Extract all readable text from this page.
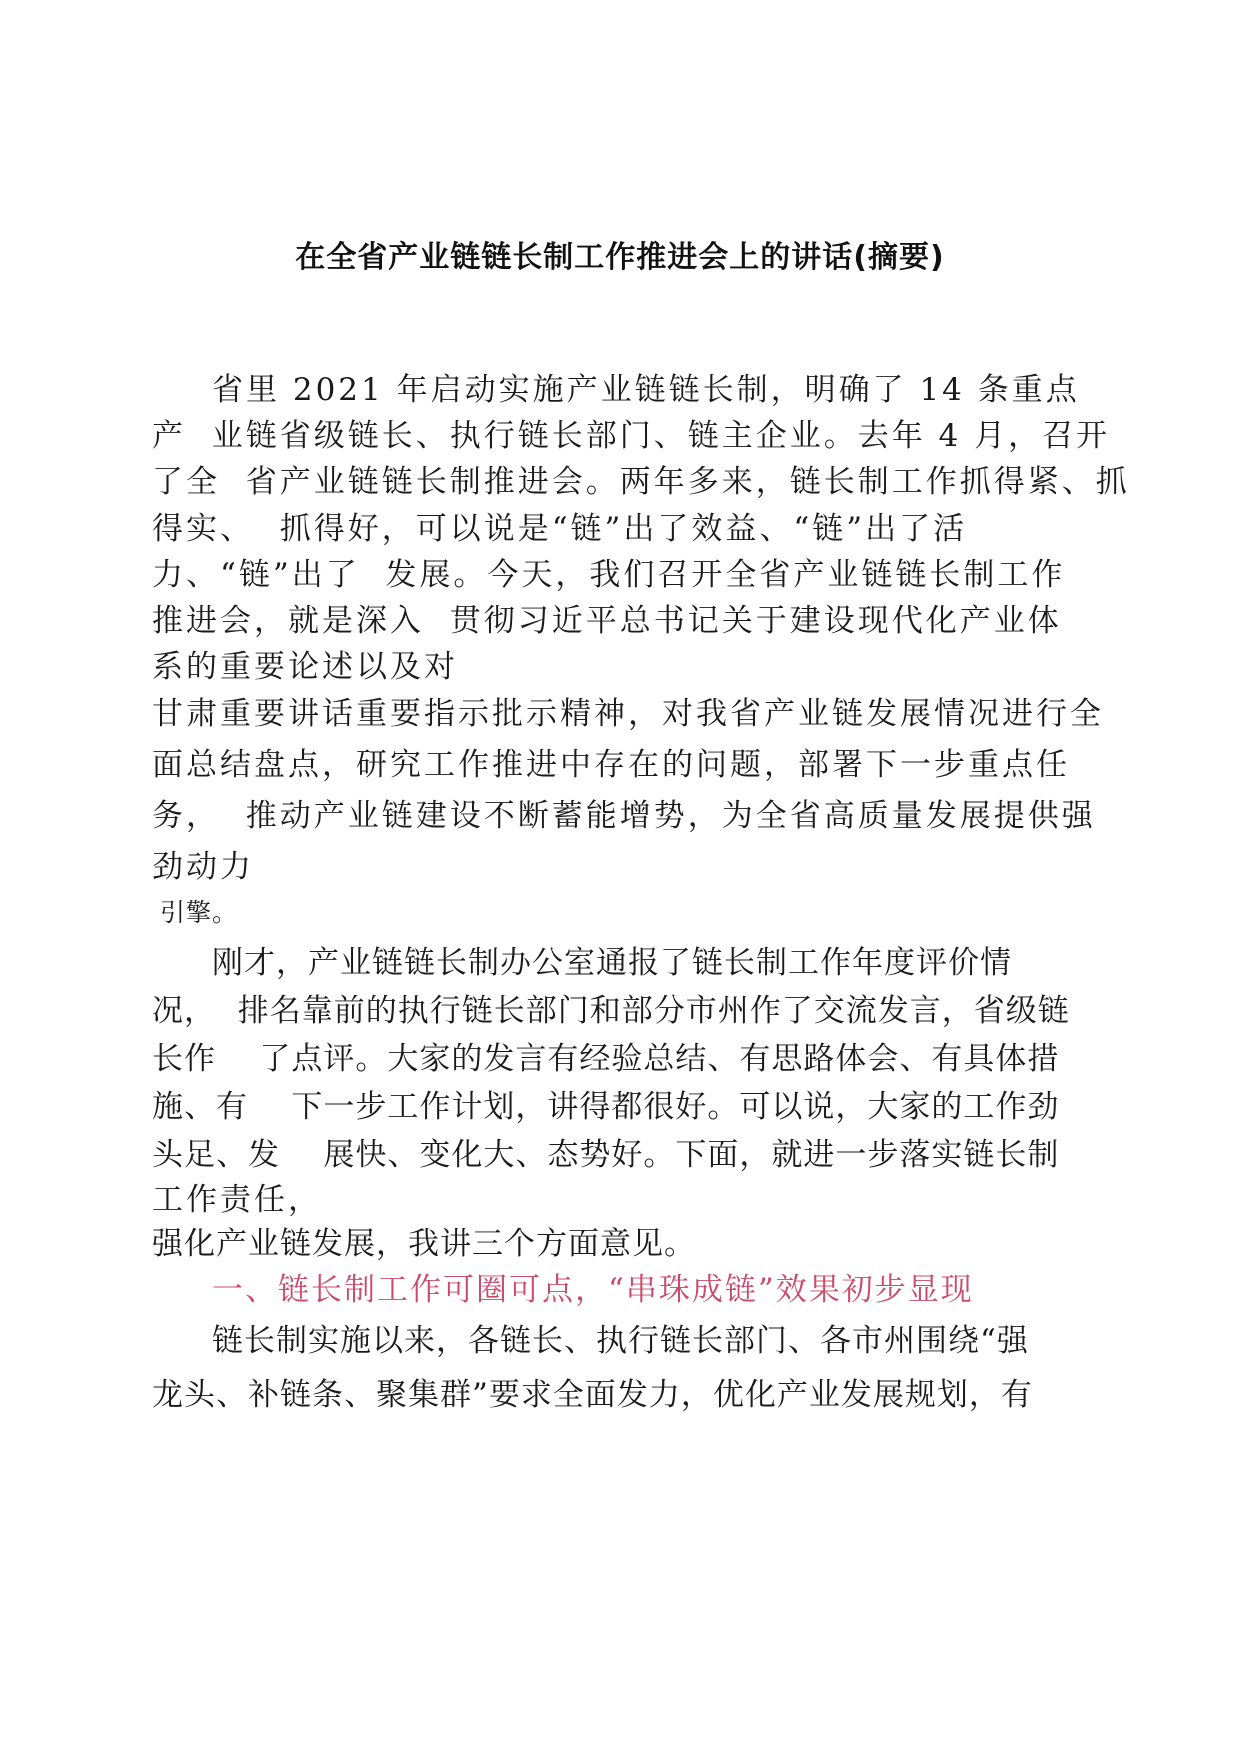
在全省产业链链长制工作推进会上的讲话(摘要)
省里 2021 年启动实施产业链链长制，明确了 14 条重点
产  业链省级链长、执行链长部门、链主企业。去年 4 月，召开
了全  省产业链链长制推进会。两年多来，链长制工作抓得紧、抓
得实、  抓得好，可以说是“链”出了效益、“链”出了活
力、“链”出了  发展。今天，我们召开全省产业链链长制工作
推进会，就是深入  贯彻习近平总书记关于建设现代化产业体
系的重要论述以及对
甘肃重要讲话重要指示批示精神，对我省产业链发展情况进行全
面总结盘点，研究工作推进中存在的问题，部署下一步重点任
务，  推动产业链建设不断蓄能增势，为全省高质量发展提供强
劲动力
引擎。
刚才，产业链链长制办公室通报了链长制工作年度评价情
况，  排名靠前的执行链长部门和部分市州作了交流发言，省级链
长作    了点评。大家的发言有经验总结、有思路体会、有具体措
施、有    下一步工作计划，讲得都很好。可以说，大家的工作劲
头足、发    展快、变化大、态势好。下面，就进一步落实链长制
工作责任，
强化产业链发展，我讲三个方面意见。
一、链长制工作可圈可点，“串珠成链”效果初步显现
链长制实施以来，各链长、执行链长部门、各市州围绕“强
龙头、补链条、聚集群”要求全面发力，优化产业发展规划，有
